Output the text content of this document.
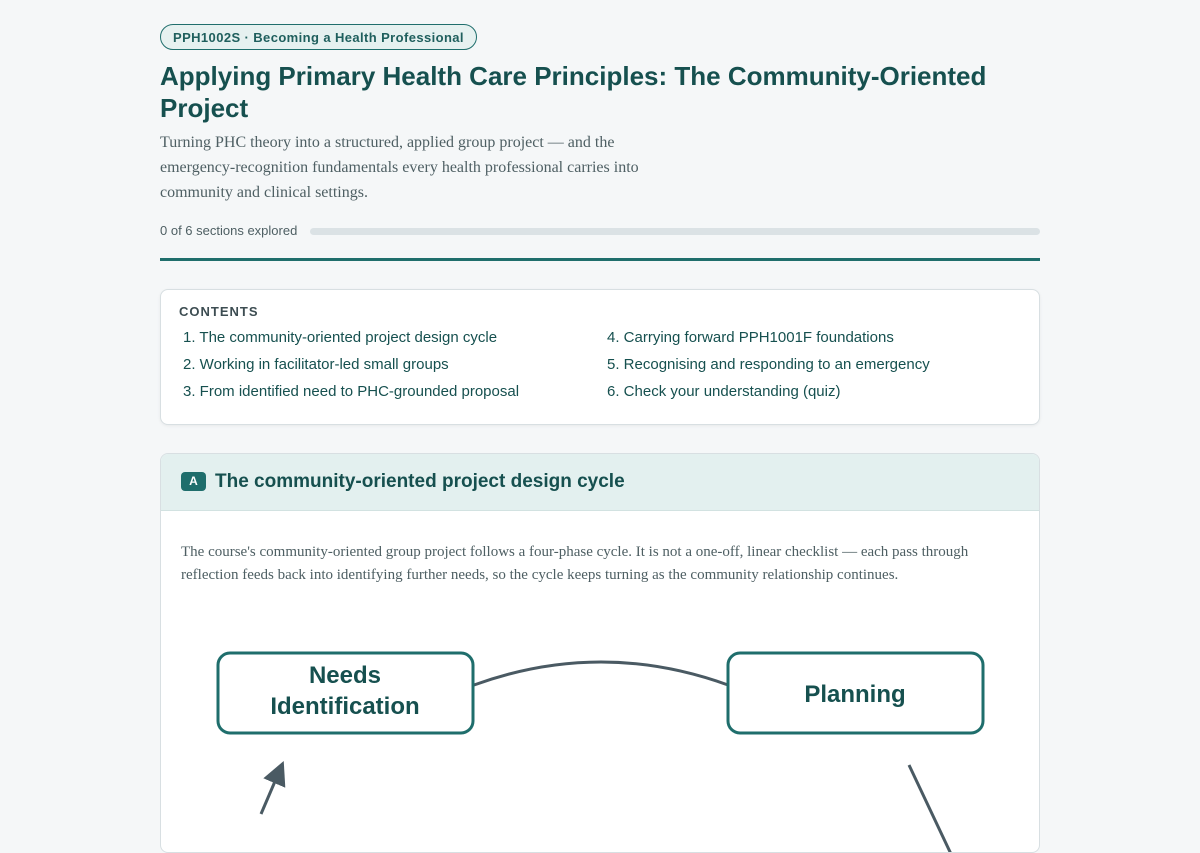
PPH1002S · Becoming a Health Professional
Applying Primary Health Care Principles: The Community-Oriented Project

Turning PHC theory into a structured, applied group project — and the emergency-recognition fundamentals every health professional carries into community and clinical settings.

0 of 6 sections explored
CONTENTS
1. The community-oriented project design cycle
2. Working in facilitator-led small groups
3. From identified need to PHC-grounded proposal
4. Carrying forward PPH1001F foundations
5. Recognising and responding to an emergency
6. Check your understanding (quiz)
A The community-oriented project design cycle

The course's community-oriented group project follows a four-phase cycle. It is not a one-off, linear checklist — each pass through reflection feeds back into identifying further needs, so the cycle keeps turning as the community relationship continues.

Needs
Identification	Planning
